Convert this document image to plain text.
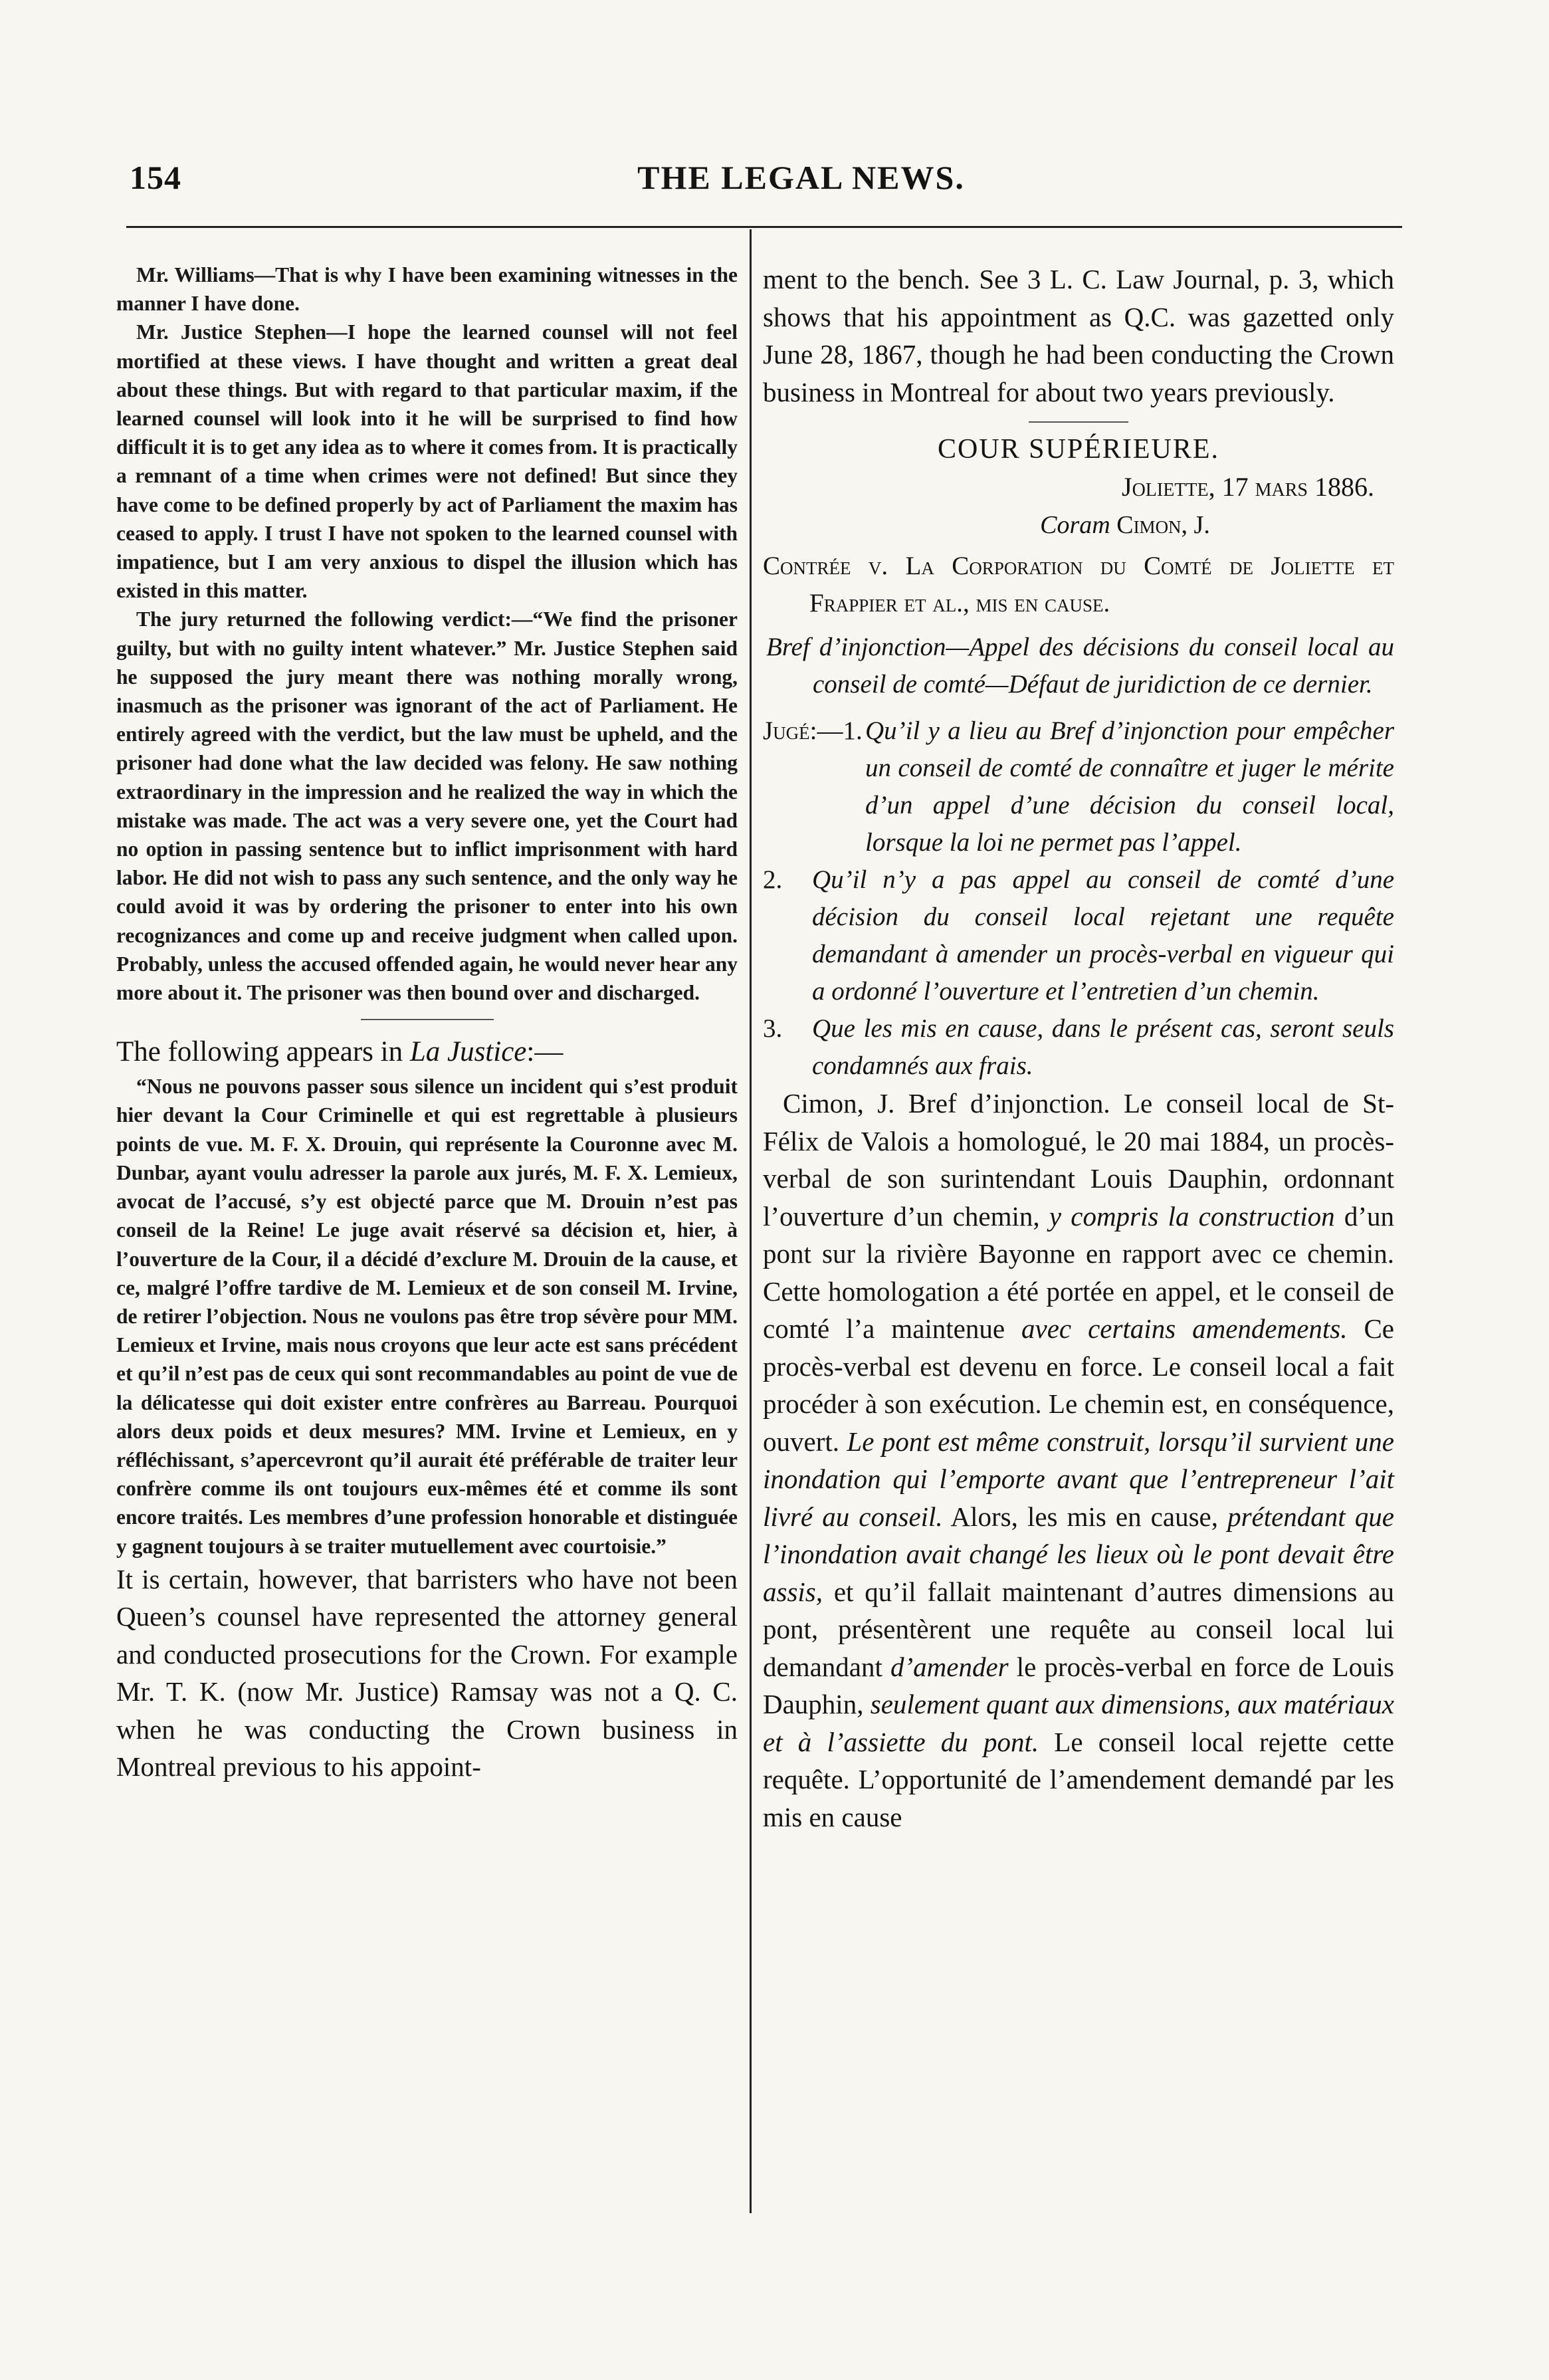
154	THE LEGAL NEWS.

Mr. Williams—That is why I have been examining witnesses in the manner I have done.

Mr. Justice Stephen—I hope the learned counsel will not feel mortified at these views. I have thought and written a great deal about these things. But with regard to that particular maxim, if the learned counsel will look into it he will be surprised to find how difficult it is to get any idea as to where it comes from. It is practically a remnant of a time when crimes were not defined! But since they have come to be defined properly by act of Parliament the maxim has ceased to apply. I trust I have not spoken to the learned counsel with impatience, but I am very anxious to dispel the illusion which has existed in this matter.

The jury returned the following verdict:—“We find the prisoner guilty, but with no guilty intent whatever.” Mr. Justice Stephen said he supposed the jury meant there was nothing morally wrong, inasmuch as the prisoner was ignorant of the act of Parliament. He entirely agreed with the verdict, but the law must be upheld, and the prisoner had done what the law decided was felony. He saw nothing extraordinary in the impression and he realized the way in which the mistake was made. The act was a very severe one, yet the Court had no option in passing sentence but to inflict imprisonment with hard labor. He did not wish to pass any such sentence, and the only way he could avoid it was by ordering the prisoner to enter into his own recognizances and come up and receive judgment when called upon. Probably, unless the accused offended again, he would never hear any more about it. The prisoner was then bound over and discharged.

The following appears in La Justice:—

“Nous ne pouvons passer sous silence un incident qui s’est produit hier devant la Cour Criminelle et qui est regrettable à plusieurs points de vue. M. F. X. Drouin, qui représente la Couronne avec M. Dunbar, ayant voulu adresser la parole aux jurés, M. F. X. Lemieux, avocat de l’accusé, s’y est objecté parce que M. Drouin n’est pas conseil de la Reine! Le juge avait réservé sa décision et, hier, à l’ouverture de la Cour, il a décidé d’exclure M. Drouin de la cause, et ce, malgré l’offre tardive de M. Lemieux et de son conseil M. Irvine, de retirer l’objection. Nous ne voulons pas être trop sévère pour MM. Lemieux et Irvine, mais nous croyons que leur acte est sans précédent et qu’il n’est pas de ceux qui sont recommandables au point de vue de la délicatesse qui doit exister entre confrères au Barreau. Pourquoi alors deux poids et deux mesures? MM. Irvine et Lemieux, en y réfléchissant, s’apercevront qu’il aurait été préférable de traiter leur confrère comme ils ont toujours eux-mêmes été et comme ils sont encore traités. Les membres d’une profession honorable et distinguée y gagnent toujours à se traiter mutuellement avec courtoisie.”

It is certain, however, that barristers who have not been Queen’s counsel have represented the attorney general and conducted prosecutions for the Crown. For example Mr. T. K. (now Mr. Justice) Ramsay was not a Q. C. when he was conducting the Crown business in Montreal previous to his appoint-

ment to the bench. See 3 L. C. Law Journal, p. 3, which shows that his appointment as Q.C. was gazetted only June 28, 1867, though he had been conducting the Crown business in Montreal for about two years previously.

COUR SUPÉRIEURE.
Joliette, 17 mars 1886.
Coram Cimon, J.
Contrée v. La Corporation du Comté de Joliette et Frappier et al., mis en cause.
Bref d’injonction—Appel des décisions du conseil local au conseil de comté—Défaut de juridiction de ce dernier.
Jugé:—1. Qu’il y a lieu au Bref d’injonction pour empêcher un conseil de comté de connaître et juger le mérite d’un appel d’une décision du conseil local, lorsque la loi ne permet pas l’appel.
2.	Qu’il n’y a pas appel au conseil de comté d’une décision du conseil local rejetant une requête demandant à amender un procès-verbal en vigueur qui a ordonné l’ouverture et l’entretien d’un chemin.
3.	Que les mis en cause, dans le présent cas, seront seuls condamnés aux frais.

Cimon, J. Bref d’injonction. Le conseil local de St-Félix de Valois a homologué, le 20 mai 1884, un procès-verbal de son surintendant Louis Dauphin, ordonnant l’ouverture d’un chemin, y compris la construction d’un pont sur la rivière Bayonne en rapport avec ce chemin. Cette homologation a été portée en appel, et le conseil de comté l’a maintenue avec certains amendements. Ce procès-verbal est devenu en force. Le conseil local a fait procéder à son exécution. Le chemin est, en conséquence, ouvert. Le pont est même construit, lorsqu’il survient une inondation qui l’emporte avant que l’entrepreneur l’ait livré au conseil. Alors, les mis en cause, prétendant que l’inondation avait changé les lieux où le pont devait être assis, et qu’il fallait maintenant d’autres dimensions au pont, présentèrent une requête au conseil local lui demandant d’amender le procès-verbal en force de Louis Dauphin, seulement quant aux dimensions, aux matériaux et à l’assiette du pont. Le conseil local rejette cette requête. L’opportunité de l’amendement demandé par les mis en cause
